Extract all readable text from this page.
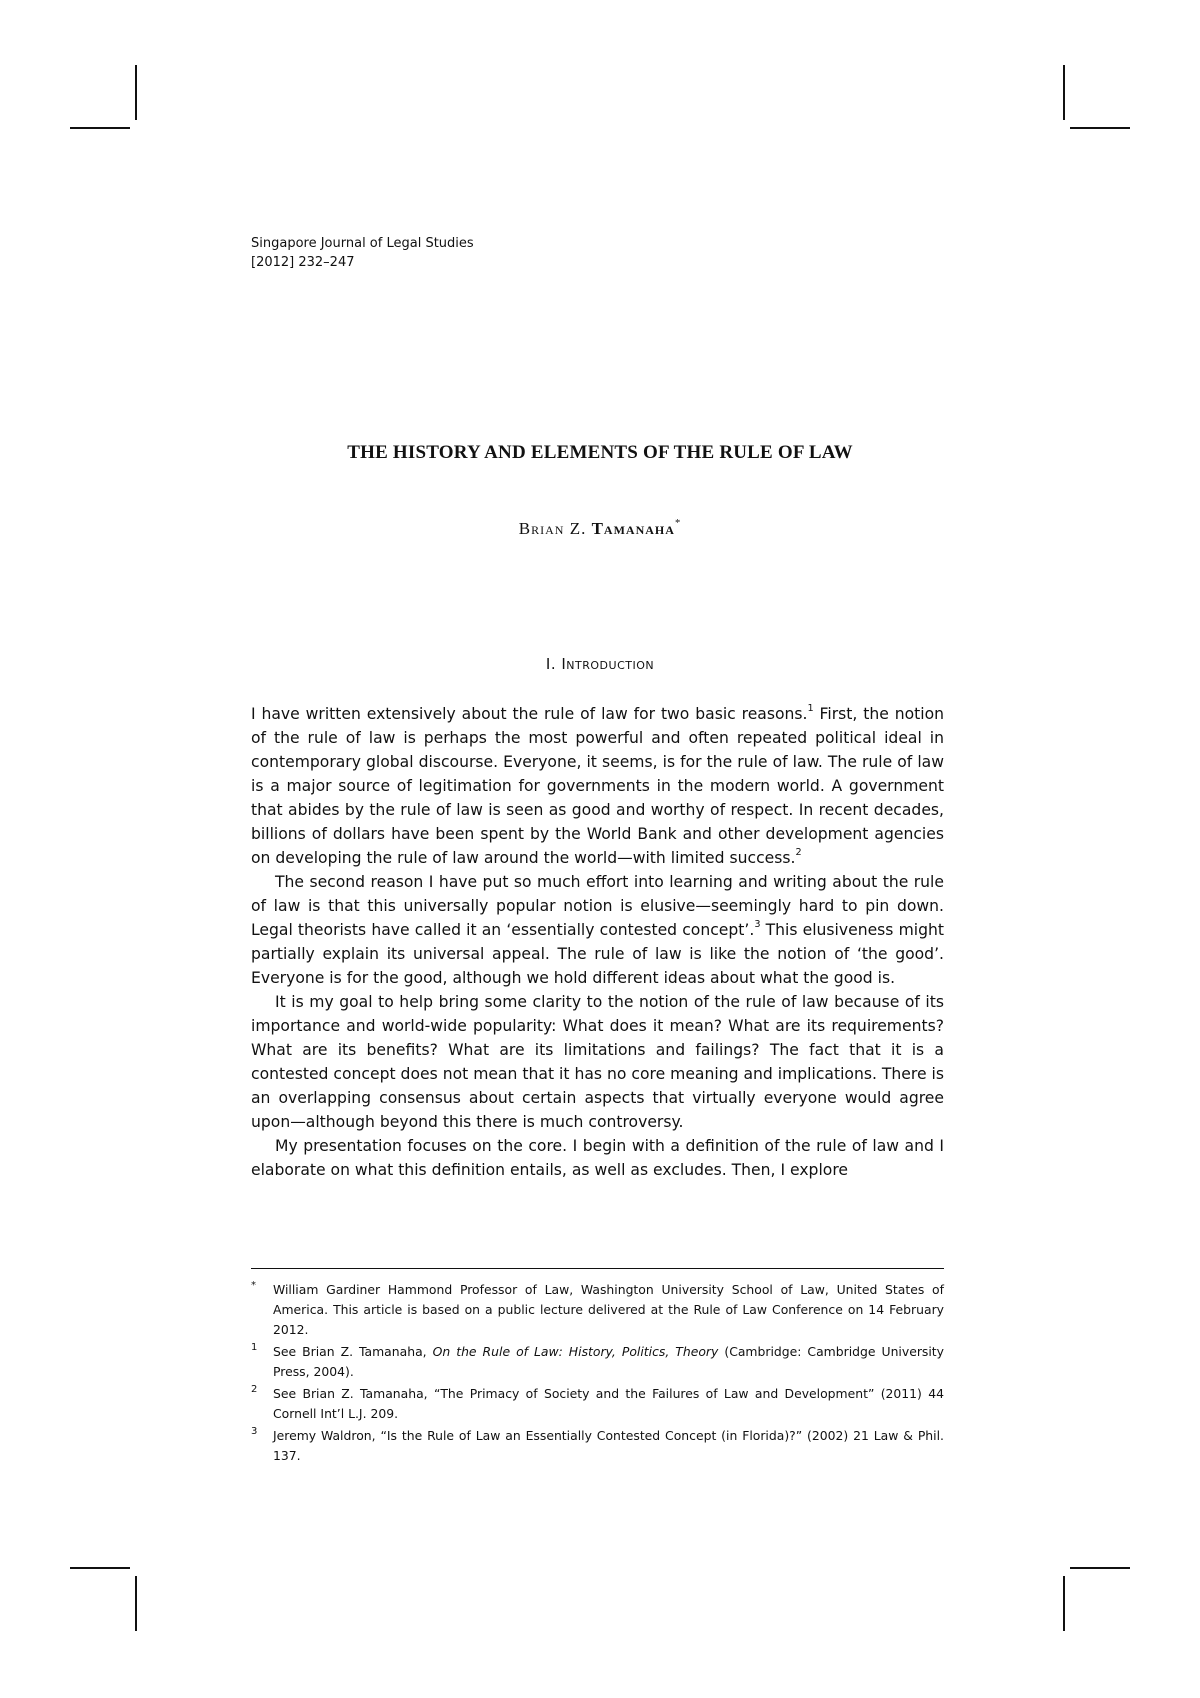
Singapore Journal of Legal Studies
[2012] 232–247
THE HISTORY AND ELEMENTS OF THE RULE OF LAW
Brian Z. Tamanaha*
I. Introduction

I have written extensively about the rule of law for two basic reasons.$^1$ First, the notion of the rule of law is perhaps the most powerful and often repeated political ideal in contemporary global discourse. Everyone, it seems, is for the rule of law. The rule of law is a major source of legitimation for governments in the modern world. A government that abides by the rule of law is seen as good and worthy of respect. In recent decades, billions of dollars have been spent by the World Bank and other development agencies on developing the rule of law around the world—with limited success.$^2$

The second reason I have put so much effort into learning and writing about the rule of law is that this universally popular notion is elusive—seemingly hard to pin down. Legal theorists have called it an ‘essentially contested concept’.$^3$ This elusiveness might partially explain its universal appeal. The rule of law is like the notion of ‘the good’. Everyone is for the good, although we hold different ideas about what the good is.

It is my goal to help bring some clarity to the notion of the rule of law because of its importance and world-wide popularity: What does it mean? What are its requirements? What are its benefits? What are its limitations and failings? The fact that it is a contested concept does not mean that it has no core meaning and implications. There is an overlapping consensus about certain aspects that virtually everyone would agree upon—although beyond this there is much controversy.

My presentation focuses on the core. I begin with a definition of the rule of law and I elaborate on what this definition entails, as well as excludes. Then, I explore

* William Gardiner Hammond Professor of Law, Washington University School of Law, United States of America. This article is based on a public lecture delivered at the Rule of Law Conference on 14 February 2012.
1 See Brian Z. Tamanaha, On the Rule of Law: History, Politics, Theory (Cambridge: Cambridge University Press, 2004).
2 See Brian Z. Tamanaha, “The Primacy of Society and the Failures of Law and Development” (2011) 44 Cornell Int’l L.J. 209.
3 Jeremy Waldron, “Is the Rule of Law an Essentially Contested Concept (in Florida)?” (2002) 21 Law & Phil. 137.
